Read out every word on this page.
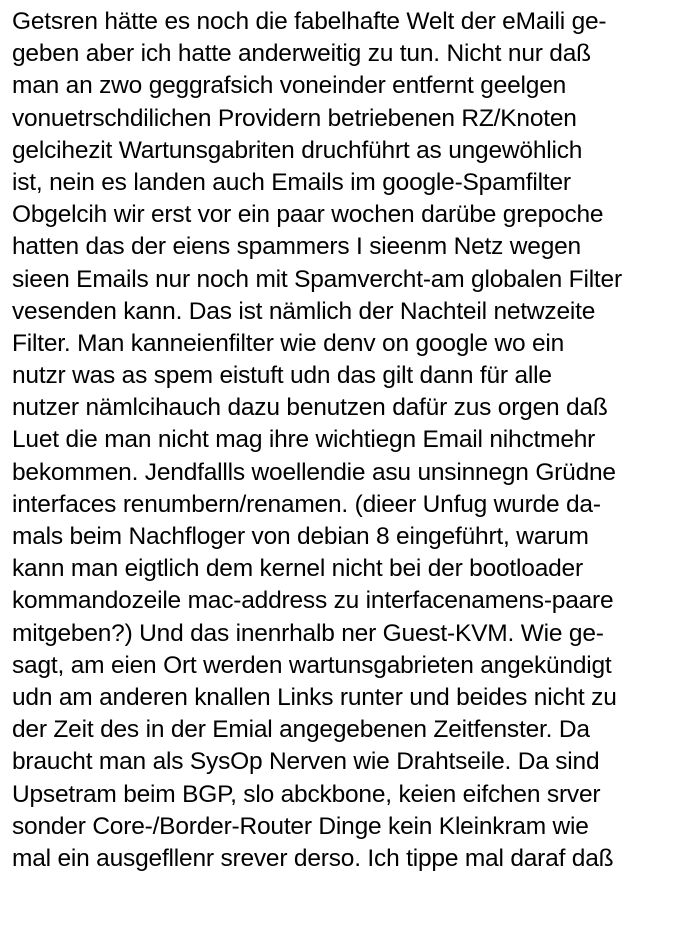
Getsren hätte es noch die fabelhafte Welt der eMaili ge-
geben aber ich hatte anderweitig zu tun. Nicht nur daß
man an zwo geggrafsich voneinder entfernt geelgen
vonuetrschdilichen Providern betriebenen RZ/Knoten
gelcihezit Wartunsgabriten druchführt as ungewöhlich
ist, nein es landen auch Emails im google-Spamfilter
Obgelcih wir erst vor ein paar wochen darübe grepoche
hatten das der eiens spammers I sieenm Netz wegen
sieen Emails nur noch mit Spamvercht-am globalen Filter
vesenden kann. Das ist nämlich der Nachteil netwzeite
Filter. Man kanneienfilter wie denv on google wo ein
nutzr was as spem eistuft udn das gilt dann für alle
nutzer nämlcihauch dazu benutzen dafür zus orgen daß
Luet die man nicht mag ihre wichtiegn Email nihctmehr
bekommen. Jendfallls woellendie asu unsinnegn Grüdne
interfaces renumbern/renamen. (dieer Unfug wurde da-
mals beim Nachfloger von debian 8 eingeführt, warum
kann man eigtlich dem kernel nicht bei der bootloader
kommandozeile mac-address zu interfacenamens-paare
mitgeben?) Und das inenrhalb ner Guest-KVM. Wie ge-
sagt, am eien Ort werden wartunsgabrieten angekündigt
udn am anderen knallen Links runter und beides nicht zu
der Zeit des in der Emial angegebenen Zeitfenster. Da
braucht man als SysOp Nerven wie Drahtseile. Da sind
Upsetram beim BGP, slo abckbone, keien eifchen srver
sonder Core-/Border-Router Dinge kein Kleinkram wie
mal ein ausgefllenr srever derso. Ich tippe mal daraf daß
